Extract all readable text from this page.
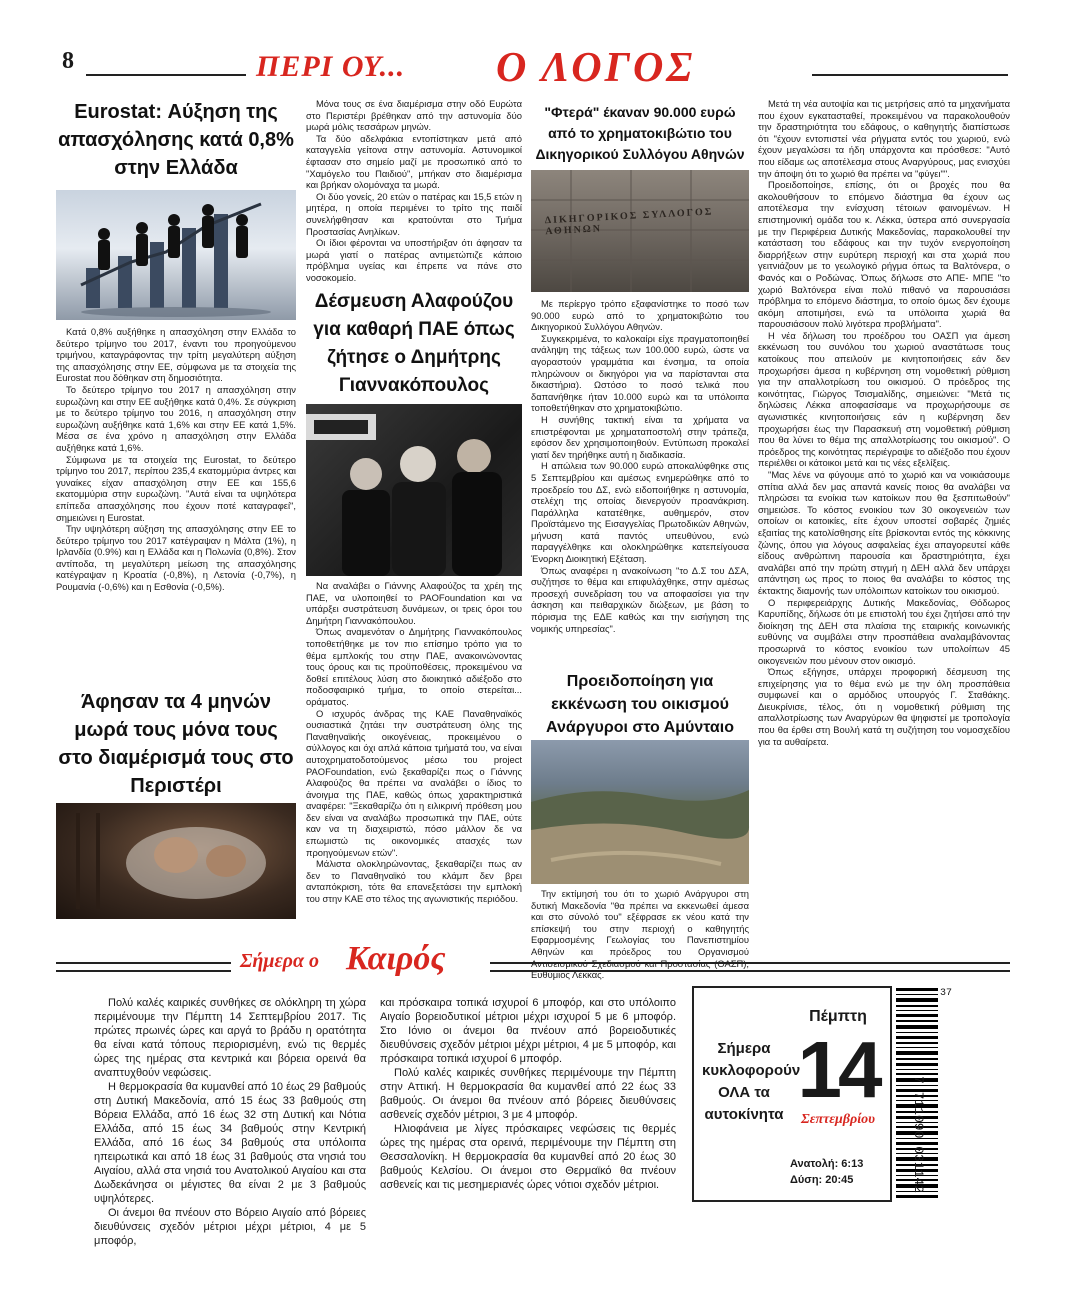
8	ΠΕΡΙ ΟΥ... Ο ΛΟΓΟΣ
Eurostat: Αύξηση της απασχόλησης κατά 0,8% στην Ελλάδα

Κατά 0,8% αυξήθηκε η απασχόληση στην Ελλάδα το δεύτερο τρίμηνο του 2017, έναντι του προηγούμενου τριμήνου, καταγράφοντας την τρίτη μεγαλύτερη αύξηση της απασχόλησης στην ΕΕ, σύμφωνα με τα στοιχεία της Eurostat που δόθηκαν στη δημοσιότητα.

Το δεύτερο τρίμηνο του 2017 η απασχόληση στην ευρωζώνη και στην ΕΕ αυξήθηκε κατά 0,4%. Σε σύγκριση με το δεύτερο τρίμηνο του 2016, η απασχόληση στην ευρωζώνη αυξήθηκε κατά 1,6% και στην ΕΕ κατά 1,5%. Μέσα σε ένα χρόνο η απασχόληση στην Ελλάδα αυξήθηκε κατά 1,6%.

Σύμφωνα με τα στοιχεία της Eurostat, το δεύτερο τρίμηνο του 2017, περίπου 235,4 εκατομμύρια άντρες και γυναίκες είχαν απασχόληση στην ΕΕ και 155,6 εκατομμύρια στην ευρωζώνη. "Αυτά είναι τα υψηλότερα επίπεδα απασχόλησης που έχουν ποτέ καταγραφεί", σημειώνει η Eurostat.

Την υψηλότερη αύξηση της απασχόλησης στην ΕΕ το δεύτερο τρίμηνο του 2017 κατέγραψαν η Μάλτα (1%), η Ιρλανδία (0.9%) και η Ελλάδα και η Πολωνία (0,8%). Στον αντίποδα, τη μεγαλύτερη μείωση της απασχόλησης κατέγραψαν η Κροατία (-0,8%), η Λετονία (-0,7%), η Ρουμανία (-0,6%) και η Εσθονία (-0,5%).

Άφησαν τα 4 μηνών μωρά τους μόνα τους στο διαμέρισμά τους στο Περιστέρι

Μόνα τους σε ένα διαμέρισμα στην οδό Ευρώτα στο Περιστέρι βρέθηκαν από την αστυνομία δύο μωρά μόλις τεσσάρων μηνών.

Τα δύο αδελφάκια εντοπίστηκαν μετά από καταγγελία γείτονα στην αστυνομία. Αστυνομικοί έφτασαν στο σημείο μαζί με προσωπικό από το "Χαμόγελο του Παιδιού", μπήκαν στο διαμέρισμα και βρήκαν ολομόναχα τα μωρά.

Οι δύο γονείς, 20 ετών ο πατέρας και 15,5 ετών η μητέρα, η οποία περιμένει το τρίτο της παιδί συνελήφθησαν και κρατούνται στο Τμήμα Προστασίας Ανηλίκων.

Οι ίδιοι φέρονται να υποστήριξαν ότι άφησαν τα μωρά γιατί ο πατέρας αντιμετώπιζε κάποιο πρόβλημα υγείας και έπρεπε να πάνε στο νοσοκομείο.

Δέσμευση Αλαφούζου για καθαρή ΠΑΕ όπως ζήτησε ο Δημήτρης Γιαννακόπουλος

Να αναλάβει ο Γιάννης Αλαφούζος τα χρέη της ΠΑΕ, να υλοποιηθεί το PAOFoundation και να υπάρξει συστράτευση δυνάμεων, οι τρεις όροι του Δημήτρη Γιαννακόπουλου.

Όπως αναμενόταν ο Δημήτρης Γιαννακόπουλος τοποθετήθηκε με τον πιο επίσημο τρόπο για το θέμα εμπλοκής του στην ΠΑΕ, ανακοινώνοντας τους όρους και τις προϋποθέσεις, προκειμένου να δοθεί επιτέλους λύση στο διοικητικό αδιέξοδο στο ποδοσφαιρικό τμήμα, το οποίο στερείται... οράματος.

Ο ισχυρός άνδρας της ΚΑΕ Παναθηναϊκός ουσιαστικά ζητάει την συστράτευση όλης της Παναθηναϊκής οικογένειας, προκειμένου ο σύλλογος και όχι απλά κάποια τμήματά του, να είναι αυτοχρηματοδοτούμενος μέσω του project PAOFoundation, ενώ ξεκαθαρίζει πως ο Γιάννης Αλαφούζος θα πρέπει να αναλάβει ο ίδιος το άνοιγμα της ΠΑΕ, καθώς όπως χαρακτηριστικά αναφέρει: "Ξεκαθαρίζω ότι η ειλικρινή πρόθεση μου δεν είναι να αναλάβω προσωπικά την ΠΑΕ, ούτε καν να τη διαχειριστώ, πόσο μάλλον δε να επωμιστώ τις οικονομικές ατασχές των προηγούμενων ετών".

Μάλιστα ολοκληρώνοντας, ξεκαθαρίζει πως αν δεν το Παναθηναϊκό του κλάμπ δεν βρει ανταπόκριση, τότε θα επανεξετάσει την εμπλοκή του στην ΚΑΕ στο τέλος της αγωνιστικής περιόδου.

"Φτερά" έκαναν 90.000 ευρώ από το χρηματοκιβώτιο του Δικηγορικού Συλλόγου Αθηνών
ΔΙΚΗΓΟΡΙΚΟΣ ΣΥΛΛΟΓΟΣ ΑΘΗΝΩΝ

Με περίεργο τρόπο εξαφανίστηκε το ποσό των 90.000 ευρώ από το χρηματοκιβώτιο του Δικηγορικού Συλλόγου Αθηνών.

Συγκεκριμένα, το καλοκαίρι είχε πραγματοποιηθεί ανάληψη της τάξεως των 100.000 ευρώ, ώστε να αγοραστούν γραμμάτια και ένσημα, τα οποία πληρώνουν οι δικηγόροι για να παρίστανται στα δικαστήρια). Ωστόσο το ποσό τελικά που δαπανήθηκε ήταν 10.000 ευρώ και τα υπόλοιπα τοποθετήθηκαν στο χρηματοκιβώτιο.

Η συνήθης τακτική είναι τα χρήματα να επιστρέφονται με χρηματαποστολή στην τράπεζα, εφόσον δεν χρησιμοποιηθούν. Εντύπωση προκαλεί γιατί δεν τηρήθηκε αυτή η διαδικασία.

Η απώλεια των 90.000 ευρώ αποκαλύφθηκε στις 5 Σεπτεμβρίου και αμέσως ενημερώθηκε από το προεδρείο του ΔΣ, ενώ ειδοποιήθηκε η αστυνομία, στελέχη της οποίας διενεργούν προανάκριση. Παράλληλα κατατέθηκε, αυθημερόν, στον Προϊστάμενο της Εισαγγελίας Πρωτοδικών Αθηνών, μήνυση κατά παντός υπευθύνου, ενώ παραγγέλθηκε και ολοκληρώθηκε κατεπείγουσα Ένορκη Διοικητική Εξέταση.

Όπως αναφέρει η ανακοίνωση "το Δ.Σ του ΔΣΑ, συζήτησε το θέμα και επιφυλάχθηκε, στην αμέσως προσεχή συνεδρίαση του να αποφασίσει για την άσκηση και πειθαρχικών διώξεων, με βάση το πόρισμα της ΕΔΕ καθώς και την εισήγηση της νομικής υπηρεσίας".

Προειδοποίηση για εκκένωση του οικισμού Ανάργυροι στο Αμύνταιο

Την εκτίμησή του ότι το χωριό Ανάργυροι στη δυτική Μακεδονία "θα πρέπει να εκκενωθεί άμεσα και στο σύνολό του" εξέφρασε εκ νέου κατά την επίσκεψή του στην περιοχή ο καθηγητής Εφαρμοσμένης Γεωλογίας του Πανεπιστημίου Αθηνών και πρόεδρος του Οργανισμού Αντισεισμικού Σχεδιασμού και Προστασίας (ΟΑΣΠ), Ευθύμιος Λέκκας.

Μετά τη νέα αυτοψία και τις μετρήσεις από τα μηχανήματα που έχουν εγκατασταθεί, προκειμένου να παρακολουθούν την δραστηριότητα του εδάφους, ο καθηγητής διαπίστωσε ότι "έχουν εντοπιστεί νέα ρήγματα εντός του χωριού, ενώ έχουν μεγαλώσει τα ήδη υπάρχοντα και πρόσθεσε: "Αυτό που είδαμε ως αποτέλεσμα στους Αναργύρους, μας ενισχύει την άποψη ότι το χωριό θα πρέπει να "φύγει"".

Προειδοποίησε, επίσης, ότι οι βροχές που θα ακολουθήσουν το επόμενο διάστημα θα έχουν ως αποτέλεσμα την ενίσχυση τέτοιων φαινομένων. Η επιστημονική ομάδα του κ. Λέκκα, ύστερα από συνεργασία με την Περιφέρεια Δυτικής Μακεδονίας, παρακολουθεί την κατάσταση του εδάφους και την τυχόν ενεργοποίηση διαρρήξεων στην ευρύτερη περιοχή και στα χωριά που γειτνιάζουν με το γεωλογικό ρήγμα όπως τα Βαλτόνερα, ο Φανός και ο Ροδώνας. Όπως δήλωσε στο ΑΠΕ- ΜΠΕ "το χωριό Βαλτόνερα είναι πολύ πιθανό να παρουσιάσει πρόβλημα το επόμενο διάστημα, το οποίο όμως δεν έχουμε ακόμη αποτιμήσει, ενώ τα υπόλοιπα χωριά θα παρουσιάσουν πολύ λιγότερα προβλήματα".

Η νέα δήλωση του προέδρου του ΟΑΣΠ για άμεση εκκένωση του συνόλου του χωριού αναστάτωσε τους κατοίκους που απειλούν με κινητοποιήσεις εάν δεν προχωρήσει άμεσα η κυβέρνηση στη νομοθετική ρύθμιση για την απαλλοτρίωση του οικισμού. Ο πρόεδρος της κοινότητας, Γιώργος Τσισμαλίδης, σημειώνει: "Μετά τις δηλώσεις Λέκκα αποφασίσαμε να προχωρήσουμε σε αγωνιστικές κινητοποιήσεις εάν η κυβέρνηση δεν προχωρήσει έως την Παρασκευή στη νομοθετική ρύθμιση που θα λύνει το θέμα της απαλλοτρίωσης του οικισμού". Ο πρόεδρος της κοινότητας περιέγραψε το αδιέξοδο που έχουν περιέλθει οι κάτοικοι μετά και τις νέες εξελίξεις.

"Μας λένε να φύγουμε από το χωριό και να νοικιάσουμε σπίτια αλλά δεν μας απαντά κανείς ποιος θα αναλάβει να πληρώσει τα ενοίκια των κατοίκων που θα ξεσπιτωθούν" σημειώσε. Το κόστος ενοικίου των 30 οικογενειών των οποίων οι κατοικίες, είτε έχουν υποστεί σοβαρές ζημιές εξαιτίας της κατολίσθησης είτε βρίσκονται εντός της κόκκινης ζώνης, όπου για λόγους ασφαλείας έχει απαγορευτεί κάθε είδους ανθρώπινη παρουσία και δραστηριότητα, έχει αναλάβει από την πρώτη στιγμή η ΔΕΗ αλλά δεν υπάρχει απάντηση ως προς το ποιος θα αναλάβει το κόστος της έκτακτης διαμονής των υπόλοιπων κατοίκων του οικισμού.

Ο περιφερειάρχης Δυτικής Μακεδονίας, Θόδωρος Καρυπίδης, δήλωσε ότι με επιστολή του έχει ζητήσει από την διοίκηση της ΔΕΗ στα πλαίσια της εταιρικής κοινωνικής ευθύνης να συμβάλει στην προσπάθεια αναλαμβάνοντας προσωρινά το κόστος ενοικίου των υπολοίπων 45 οικογενειών που μένουν στον οικισμό.

Όπως εξήγησε, υπάρχει προφορική δέσμευση της επιχείρησης για το θέμα ενώ με την όλη προσπάθεια συμφωνεί και ο αρμόδιος υπουργός Γ. Σταθάκης. Διευκρίνισε, τέλος, ότι η νομοθετική ρύθμιση της απαλλοτρίωσης των Αναργύρων θα ψηφιστεί με τροπολογία που θα έρθει στη Βουλή κατά τη συζήτηση του νομοσχεδίου για τα αυθαίρετα.

Σήμερα ο Καιρός

Πολύ καλές καιρικές συνθήκες σε ολόκληρη τη χώρα περιμένουμε την Πέμπτη 14 Σεπτεμβρίου 2017. Τις πρώτες πρωινές ώρες και αργά το βράδυ η ορατότητα θα είναι κατά τόπους περιορισμένη, ενώ τις θερμές ώρες της ημέρας στα κεντρικά και βόρεια ορεινά θα αναπτυχθούν νεφώσεις.

Η θερμοκρασία θα κυμανθεί από 10 έως 29 βαθμούς στη Δυτική Μακεδονία, από 15 έως 33 βαθμούς στη Βόρεια Ελλάδα, από 16 έως 32 στη Δυτική και Νότια Ελλάδα, από 15 έως 34 βαθμούς στην Κεντρική Ελλάδα, από 16 έως 34 βαθμούς στα υπόλοιπα ηπειρωτικά και από 18 έως 31 βαθμούς στα νησιά του Αιγαίου, αλλά στα νησιά του Ανατολικού Αιγαίου και στα Δωδεκάνησα οι μέγιστες θα είναι 2 με 3 βαθμούς υψηλότερες.

Οι άνεμοι θα πνέουν στο Βόρειο Αιγαίο από βόρειες διευθύνσεις σχεδόν μέτριοι μέχρι μέτριοι, 4 με 5 μποφόρ,

και πρόσκαιρα τοπικά ισχυροί 6 μποφόρ, και στο υπόλοιπο Αιγαίο βορειοδυτικοί μέτριοι μέχρι ισχυροί 5 με 6 μποφόρ. Στο Ιόνιο οι άνεμοι θα πνέουν από βορειοδυτικές διευθύνσεις σχεδόν μέτριοι μέχρι μέτριοι, 4 με 5 μποφόρ, και πρόσκαιρα τοπικά ισχυροί 6 μποφόρ.

Πολύ καλές καιρικές συνθήκες περιμένουμε την Πέμπτη στην Αττική. Η θερμοκρασία θα κυμανθεί από 22 έως 33 βαθμούς. Οι άνεμοι θα πνέουν από βόρειες διευθύνσεις ασθενείς σχεδόν μέτριοι, 3 με 4 μποφόρ.

Ηλιοφάνεια με λίγες πρόσκαιρες νεφώσεις τις θερμές ώρες της ημέρας στα ορεινά, περιμένουμε την Πέμπτη στη Θεσσαλονίκη. Η θερμοκρασία θα κυμανθεί από 20 έως 30 βαθμούς Κελσίου. Οι άνεμοι στο Θερμαϊκό θα πνέουν ασθενείς και τις μεσημεριανές ώρες νότιοι σχεδόν μέτριοι.

Σήμερα κυκλοφορούν ΟΛΑ τα αυτοκίνητα
Πέμπτη
14
Σεπτεμβρίου
Ανατολή: 6:13
Δύση: 20:45	7 711090 031142
37
